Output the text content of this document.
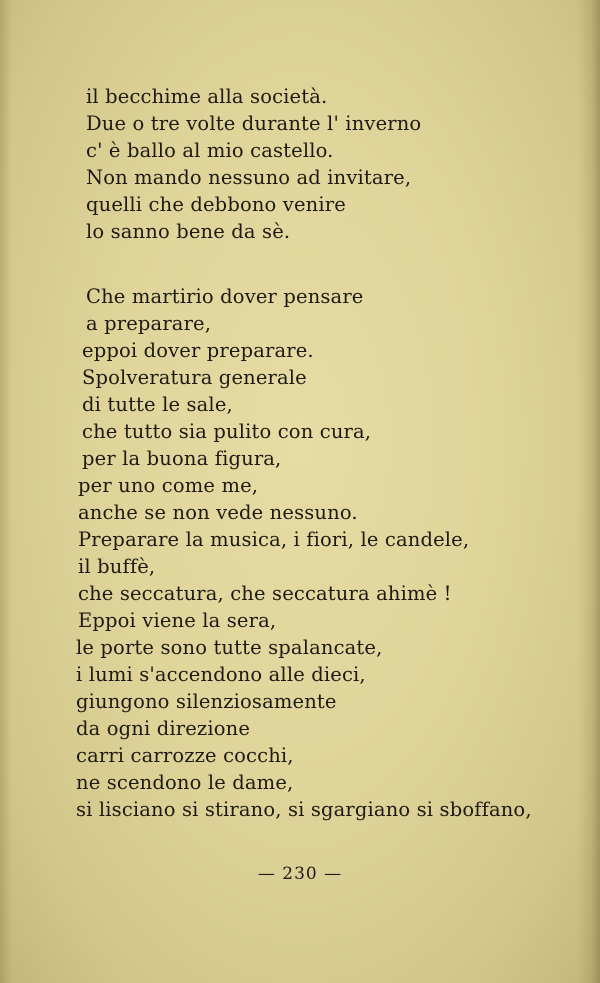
il becchime alla società.
Due o tre volte durante l' inverno
c' è ballo al mio castello.
Non mando nessuno ad invitare,
quelli che debbono venire
lo sanno bene da sè.
Che martirio dover pensare
a preparare,
eppoi dover preparare.
Spolveratura generale
di tutte le sale,
che tutto sia pulito con cura,
per la buona figura,
per uno come me,
anche se non vede nessuno.
Preparare la musica, i fiori, le candele,
il buffè,
che seccatura, che seccatura ahimè !
Eppoi viene la sera,
le porte sono tutte spalancate,
i lumi s'accendono alle dieci,
giungono silenziosamente
da ogni direzione
carri carrozze cocchi,
ne scendono le dame,
si lisciano si stirano, si sgargiano si sboffano,
— 230 —
